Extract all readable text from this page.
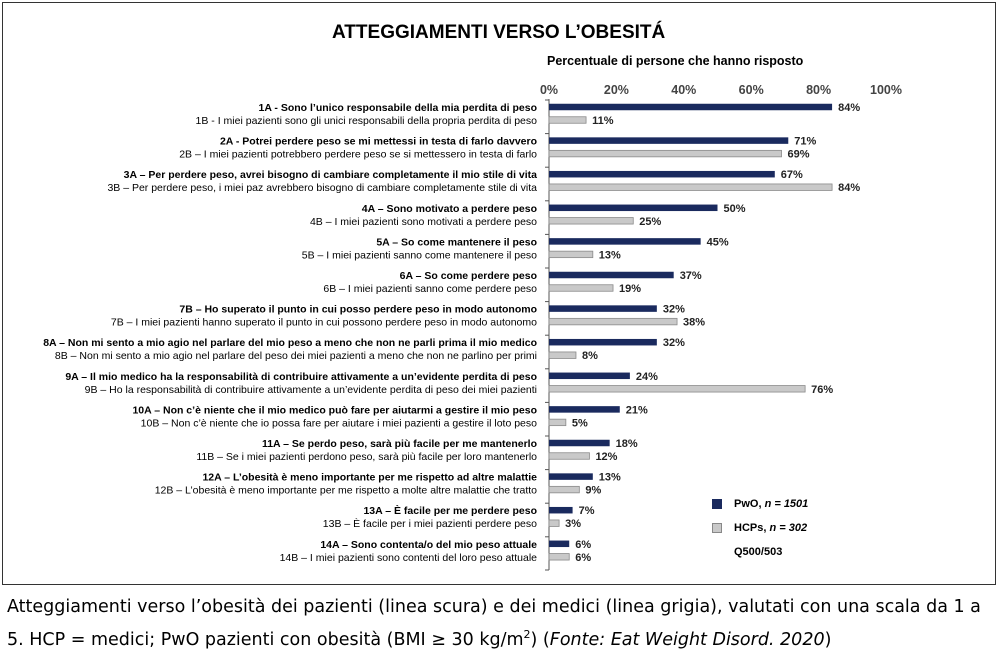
ATTEGGIAMENTI VERSO L’OBESITÁ
Percentuale di persone che hanno risposto
0%	20%	40%	60%	80%	100%
1A - Sono l’unico responsabile della mia perdita di peso
1B - I miei pazienti sono gli unici responsabili della propria perdita di peso
84%
11%
2A - Potrei perdere peso se mi mettessi in testa di farlo davvero
2B – I miei pazienti potrebbero perdere peso se si mettessero in testa di farlo
71%
69%
3A – Per perdere peso, avrei bisogno di cambiare completamente il mio stile di vita
3B – Per perdere peso, i miei paz avrebbero bisogno di cambiare completamente stile di vita
67%
84%
4A – Sono motivato a perdere peso
4B – I miei pazienti sono motivati a perdere peso
50%
25%
5A – So come mantenere il peso
5B – I miei pazienti sanno come mantenere il peso
45%
13%
6A – So come perdere peso
6B – I miei pazienti sanno come perdere peso
37%
19%
7B – Ho superato il punto in cui posso perdere peso in modo autonomo
7B – I miei pazienti hanno superato il punto in cui possono perdere peso in modo autonomo
32%
38%
8A – Non mi sento a mio agio nel parlare del mio peso a meno che non ne parli prima il mio medico
8B – Non mi sento a mio agio nel parlare del peso dei miei pazienti a meno che non ne parlino per primi
32%
8%
9A – Il mio medico ha la responsabilità di contribuire attivamente a un’evidente perdita di peso
9B – Ho la responsabilità di contribuire attivamente a un’evidente perdita di peso dei miei pazienti
24%
76%
10A – Non c’è niente che il mio medico può fare per aiutarmi a gestire il mio peso
10B – Non c’è niente che io possa fare per aiutare i miei pazienti a gestire il loto peso
21%
5%
11A – Se perdo peso, sarà più facile per me mantenerlo
11B – Se i miei pazienti perdono peso, sarà più facile per loro mantenerlo
18%
12%
12A – L’obesità è meno importante per me rispetto ad altre malattie
12B – L’obesità è meno importante per me rispetto a molte altre malattie che tratto
13%
9%
13A – È facile per me perdere peso
13B – È facile per i miei pazienti perdere peso
7%
3%
14A – Sono contenta/o del mio peso attuale
14B – I miei pazienti sono contenti del loro peso attuale
6%
6%
PwO, n = 1501
HCPs, n = 302
Q500/503
Atteggiamenti verso l’obesità dei pazienti (linea scura) e dei medici (linea grigia), valutati con una scala da 1 a 5. HCP = medici; PwO pazienti con obesità (BMI ≥ 30 $kg/m^2$) (Fonte: Eat Weight Disord. 2020)
